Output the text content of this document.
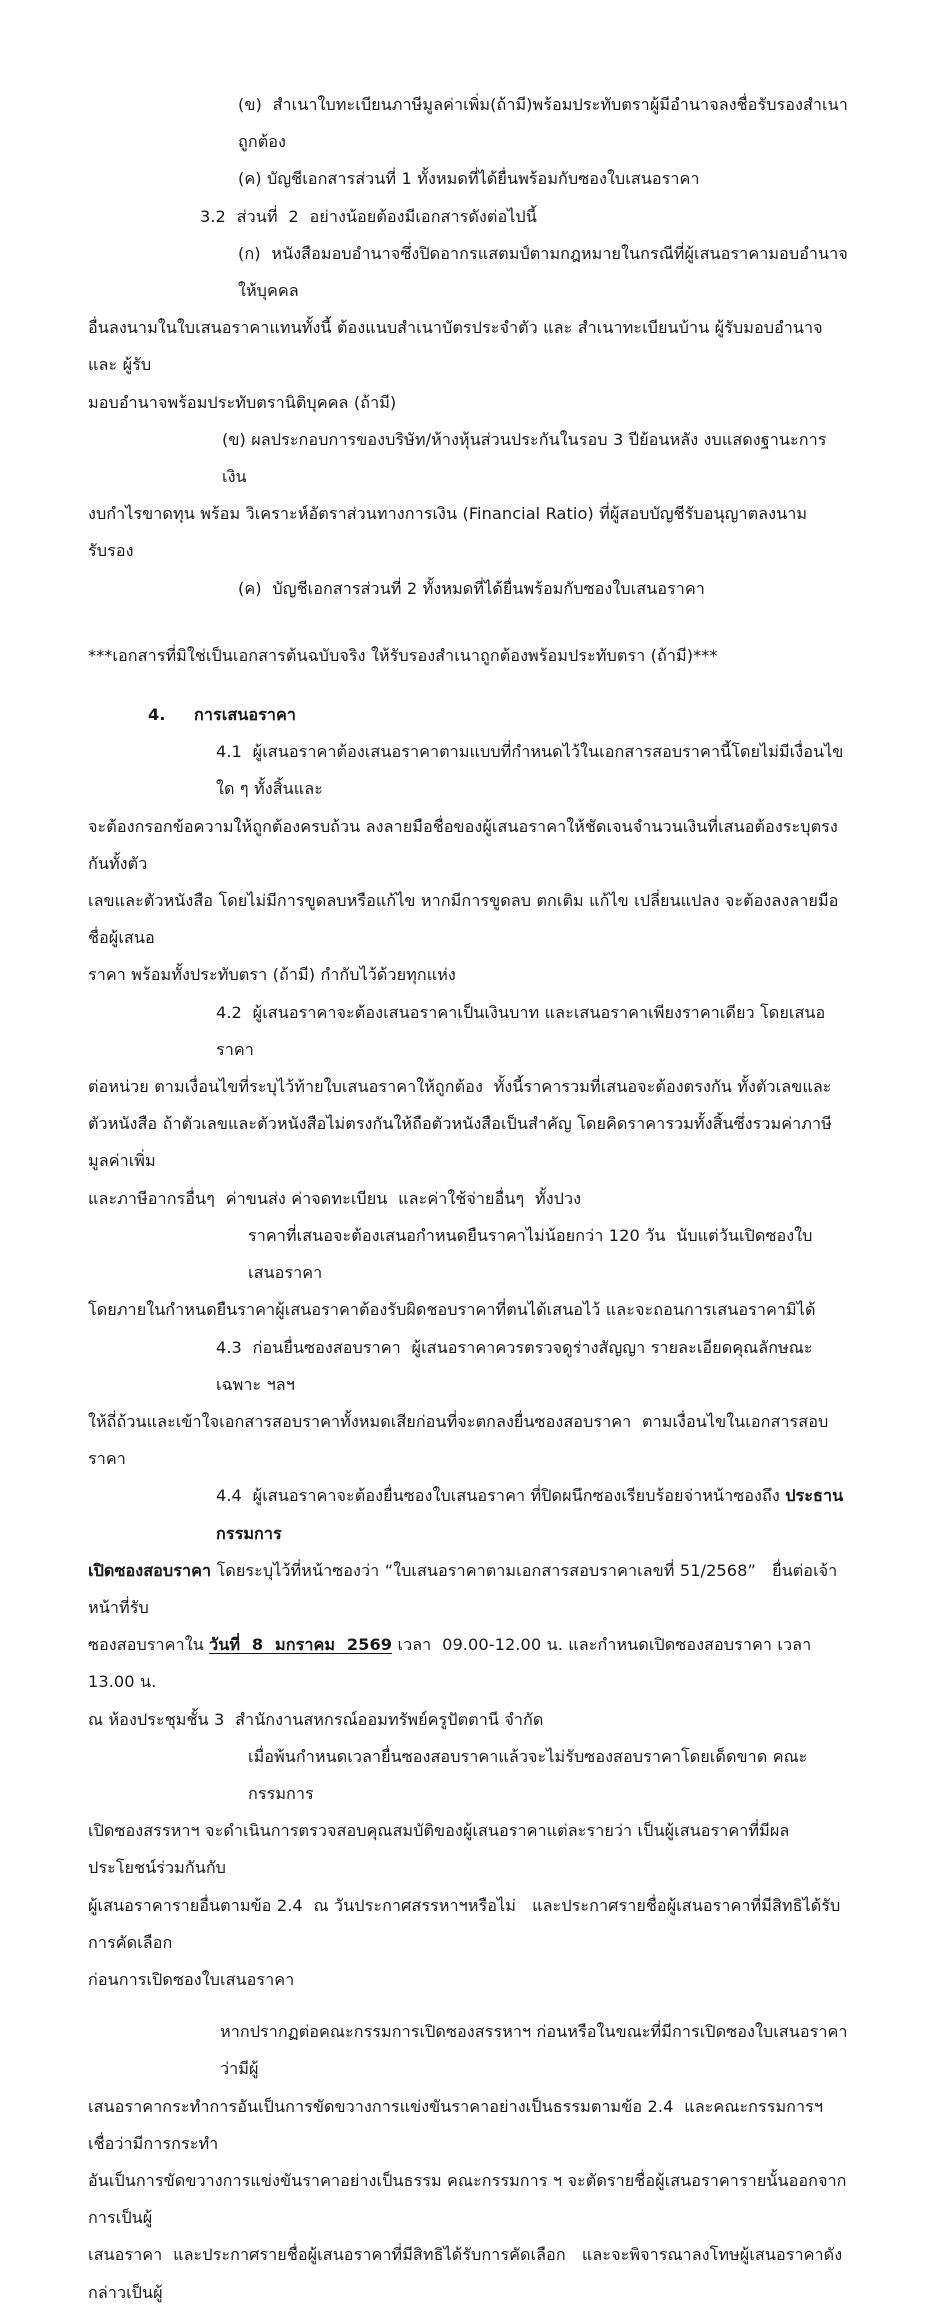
(ข)  สำเนาใบทะเบียนภาษีมูลค่าเพิ่ม(ถ้ามี)พร้อมประทับตราผู้มีอำนาจลงชื่อรับรองสำเนาถูกต้อง
(ค) บัญชีเอกสารส่วนที่ 1 ทั้งหมดที่ได้ยื่นพร้อมกับซองใบเสนอราคา
3.2  ส่วนที่  2  อย่างน้อยต้องมีเอกสารดังต่อไปนี้
(ก)  หนังสือมอบอำนาจซึ่งปิดอากรแสตมป์ตามกฎหมายในกรณีที่ผู้เสนอราคามอบอำนาจให้บุคคล
อื่นลงนามในใบเสนอราคาแทนทั้งนี้ ต้องแนบสำเนาบัตรประจำตัว และ สำเนาทะเบียนบ้าน ผู้รับมอบอำนาจ และ ผู้รับ
มอบอำนาจพร้อมประทับตรานิติบุคคล (ถ้ามี)
(ข) ผลประกอบการของบริษัท/ห้างหุ้นส่วนประกันในรอบ 3 ปีย้อนหลัง งบแสดงฐานะการเงิน
งบกำไรขาดทุน พร้อม วิเคราะห์อัตราส่วนทางการเงิน (Financial Ratio) ที่ผู้สอบบัญชีรับอนุญาตลงนามรับรอง
(ค)  บัญชีเอกสารส่วนที่ 2 ทั้งหมดที่ได้ยื่นพร้อมกับซองใบเสนอราคา
***เอกสารที่มิใช่เป็นเอกสารต้นฉบับจริง ให้รับรองสำเนาถูกต้องพร้อมประทับตรา (ถ้ามี)***
4. การเสนอราคา
4.1  ผู้เสนอราคาต้องเสนอราคาตามแบบที่กำหนดไว้ในเอกสารสอบราคานี้โดยไม่มีเงื่อนไขใด ๆ ทั้งสิ้นและ
จะต้องกรอกข้อความให้ถูกต้องครบถ้วน ลงลายมือชื่อของผู้เสนอราคาให้ชัดเจนจำนวนเงินที่เสนอต้องระบุตรงกันทั้งตัว
เลขและตัวหนังสือ โดยไม่มีการขูดลบหรือแก้ไข หากมีการขูดลบ ตกเติม แก้ไข เปลี่ยนแปลง จะต้องลงลายมือชื่อผู้เสนอ
ราคา พร้อมทั้งประทับตรา (ถ้ามี) กำกับไว้ด้วยทุกแห่ง
4.2  ผู้เสนอราคาจะต้องเสนอราคาเป็นเงินบาท และเสนอราคาเพียงราคาเดียว โดยเสนอ ราคา
ต่อหน่วย ตามเงื่อนไขที่ระบุไว้ท้ายใบเสนอราคาให้ถูกต้อง  ทั้งนี้ราคารวมที่เสนอจะต้องตรงกัน ทั้งตัวเลขและ
ตัวหนังสือ ถ้าตัวเลขและตัวหนังสือไม่ตรงกันให้ถือตัวหนังสือเป็นสำคัญ โดยคิดราคารวมทั้งสิ้นซึ่งรวมค่าภาษีมูลค่าเพิ่ม
และภาษีอากรอื่นๆ  ค่าขนส่ง ค่าจดทะเบียน  และค่าใช้จ่ายอื่นๆ  ทั้งปวง
ราคาที่เสนอจะต้องเสนอกำหนดยืนราคาไม่น้อยกว่า 120 วัน  นับแต่วันเปิดซองใบเสนอราคา
โดยภายในกำหนดยืนราคาผู้เสนอราคาต้องรับผิดชอบราคาที่ตนได้เสนอไว้ และจะถอนการเสนอราคามิได้
4.3  ก่อนยื่นซองสอบราคา  ผู้เสนอราคาควรตรวจดูร่างสัญญา รายละเอียดคุณลักษณะ เฉพาะ ฯลฯ
ให้ถี่ถ้วนและเข้าใจเอกสารสอบราคาทั้งหมดเสียก่อนที่จะตกลงยื่นซองสอบราคา  ตามเงื่อนไขในเอกสารสอบราคา
4.4  ผู้เสนอราคาจะต้องยื่นซองใบเสนอราคา ที่ปิดผนึกซองเรียบร้อยจ่าหน้าซองถึง ประธานกรรมการ
เปิดซองสอบราคา โดยระบุไว้ที่หน้าซองว่า “ใบเสนอราคาตามเอกสารสอบราคาเลขที่ 51/2568”   ยื่นต่อเจ้าหน้าที่รับ
ซองสอบราคาใน วันที่  8  มกราคม  2569 เวลา  09.00-12.00 น. และกำหนดเปิดซองสอบราคา เวลา 13.00 น.
ณ ห้องประชุมชั้น 3  สำนักงานสหกรณ์ออมทรัพย์ครูปัตตานี จำกัด
เมื่อพ้นกำหนดเวลายื่นซองสอบราคาแล้วจะไม่รับซองสอบราคาโดยเด็ดขาด คณะกรรมการ
เปิดซองสรรหาฯ จะดำเนินการตรวจสอบคุณสมบัติของผู้เสนอราคาแต่ละรายว่า เป็นผู้เสนอราคาที่มีผลประโยชน์ร่วมกันกับ
ผู้เสนอราคารายอื่นตามข้อ 2.4  ณ วันประกาศสรรหาฯหรือไม่   และประกาศรายชื่อผู้เสนอราคาที่มีสิทธิได้รับการคัดเลือก
ก่อนการเปิดซองใบเสนอราคา
หากปรากฏต่อคณะกรรมการเปิดซองสรรหาฯ ก่อนหรือในขณะที่มีการเปิดซองใบเสนอราคาว่ามีผู้
เสนอราคากระทำการอันเป็นการขัดขวางการแข่งขันราคาอย่างเป็นธรรมตามข้อ 2.4  และคณะกรรมการฯ  เชื่อว่ามีการกระทำ
อันเป็นการขัดขวางการแข่งขันราคาอย่างเป็นธรรม คณะกรรมการ ฯ จะตัดรายชื่อผู้เสนอราคารายนั้นออกจากการเป็นผู้
เสนอราคา  และประกาศรายชื่อผู้เสนอราคาที่มีสิทธิได้รับการคัดเลือก   และจะพิจารณาลงโทษผู้เสนอราคาดังกล่าวเป็นผู้
